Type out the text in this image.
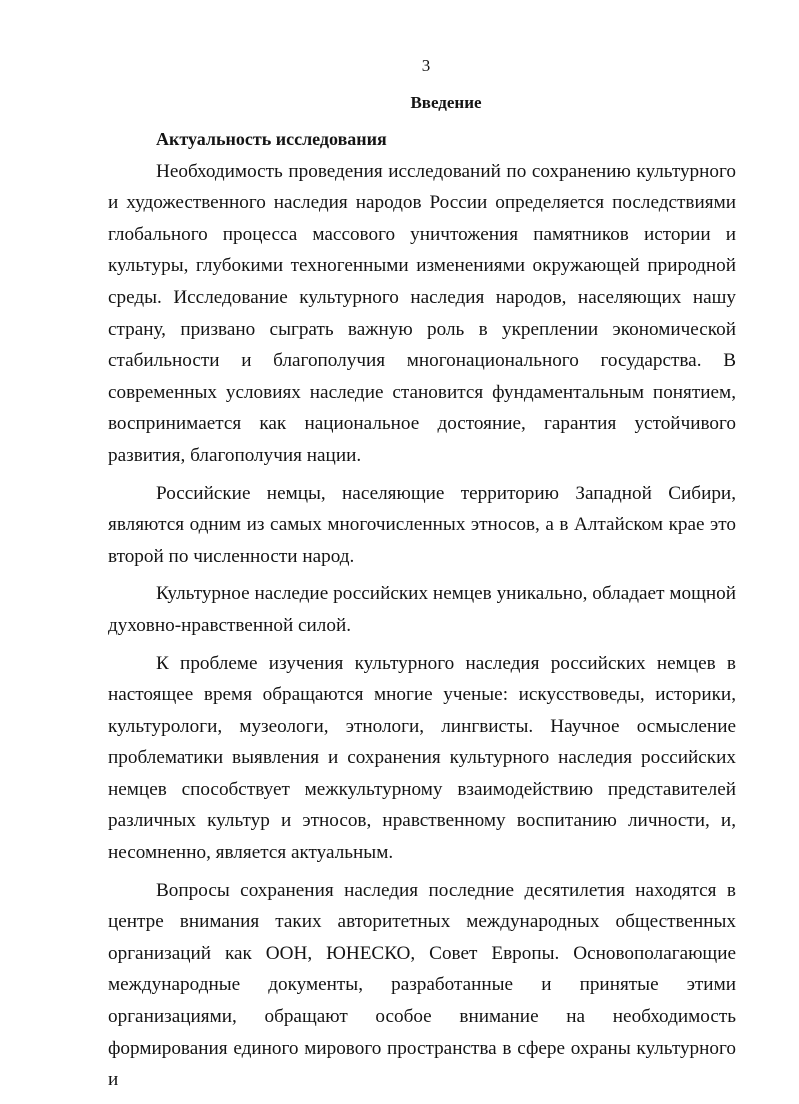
3
Введение

Актуальность исследования

Необходимость проведения исследований по сохранению культурного и художественного наследия народов России определяется последствиями глобального процесса массового уничтожения памятников истории и культуры, глубокими техногенными изменениями окружающей природной среды. Исследование культурного наследия народов, населяющих нашу страну, призвано сыграть важную роль в укреплении экономической стабильности и благополучия многонационального государства. В современных условиях наследие становится фундаментальным понятием, воспринимается как национальное достояние, гарантия устойчивого развития, благополучия нации.

Российские немцы, населяющие территорию Западной Сибири, являются одним из самых многочисленных этносов, а в Алтайском крае это второй по численности народ.

Культурное наследие российских немцев уникально, обладает мощной духовно-нравственной силой.

К проблеме изучения культурного наследия российских немцев в настоящее время обращаются многие ученые: искусствоведы, историки, культурологи, музеологи, этнологи, лингвисты. Научное осмысление проблематики выявления и сохранения культурного наследия российских немцев способствует межкультурному взаимодействию представителей различных культур и этносов, нравственному воспитанию личности, и, несомненно, является актуальным.

Вопросы сохранения наследия последние десятилетия находятся в центре внимания таких авторитетных международных общественных организаций как ООН, ЮНЕСКО, Совет Европы. Основополагающие международные документы, разработанные и принятые этими организациями, обращают особое внимание на необходимость формирования единого мирового пространства в сфере охраны культурного и
